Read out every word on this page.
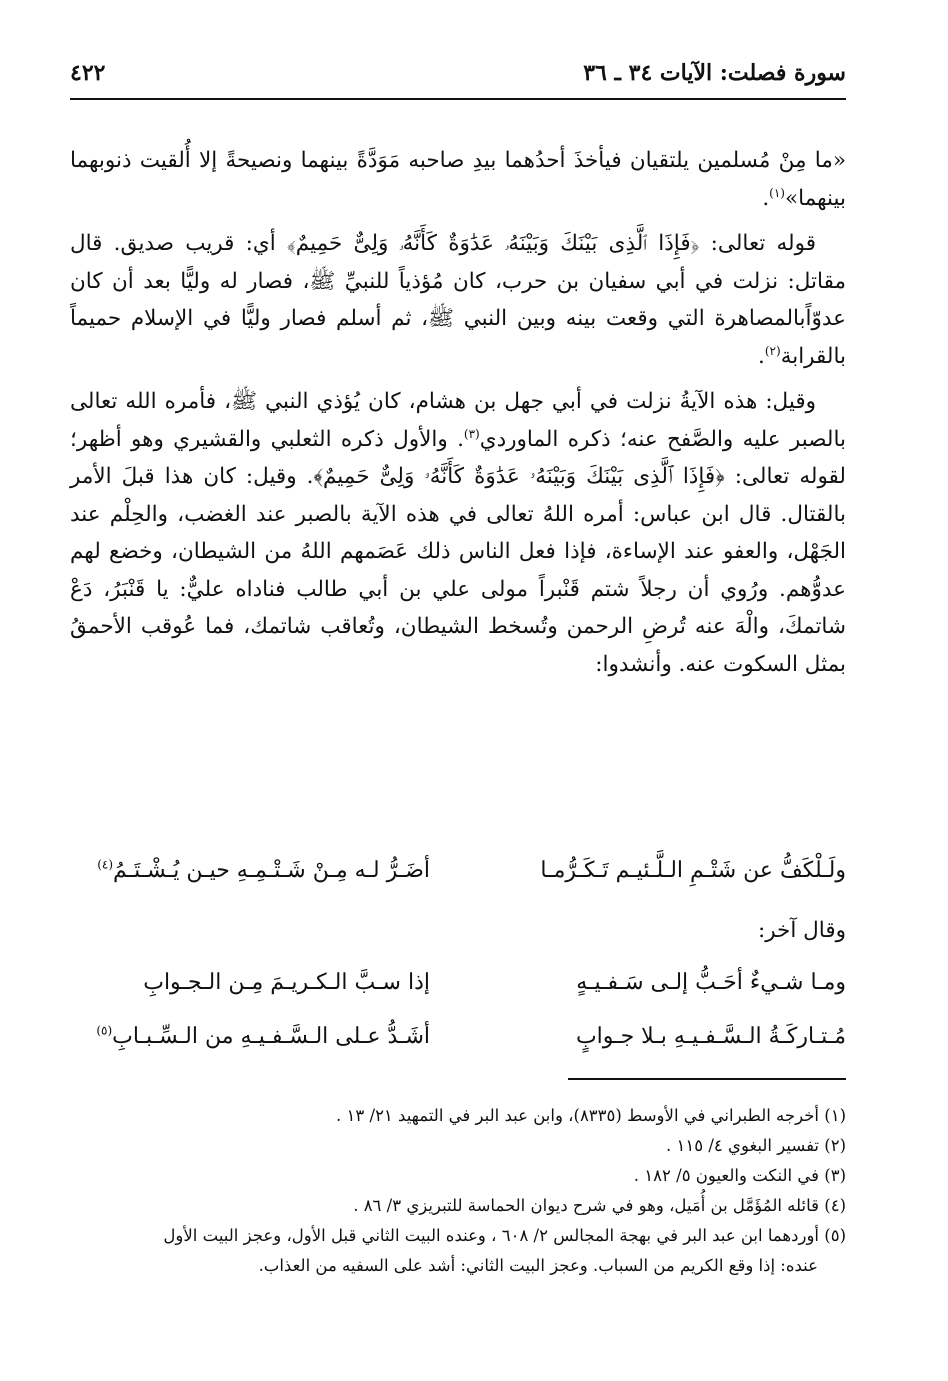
سورة فصلت: الآيات ٣٤ ـ ٣٦
٤٢٢

«ما مِنْ مُسلمين يلتقيان فيأخذَ أحدُهما بيدِ صاحبه مَوَدَّةً بينهما ونصيحةً إلا أُلقيت ذنوبهما بينهما»$^{(١)}$.

قوله تعالى: ﴿فَإِذَا ٱلَّذِى بَيْنَكَ وَبَيْنَهُۥ عَدَٰوَةٌ كَأَنَّهُۥ وَلِىٌّ حَمِيمٌ﴾ أي: قريب صديق. قال مقاتل: نزلت في أبي سفيان بن حرب، كان مُؤذياً للنبيِّ ﷺ، فصار له وليًّا بعد أن كان عدوّاًبالمصاهرة التي وقعت بينه وبين النبي ﷺ، ثم أسلم فصار وليًّا في الإسلام حميماً بالقرابة$^{(٢)}$.

وقيل: هذه الآيةُ نزلت في أبي جهل بن هشام، كان يُؤذي النبي ﷺ، فأمره الله تعالى بالصبر عليه والصَّفح عنه؛ ذكره الماوردي$^{(٣)}$. والأول ذكره الثعلبي والقشيري وهو أظهر؛ لقوله تعالى: ﴿فَإِذَا ٱلَّذِى بَيْنَكَ وَبَيْنَهُۥ عَدَٰوَةٌ كَأَنَّهُۥ وَلِىٌّ حَمِيمٌ﴾. وقيل: كان هذا قبلَ الأمر بالقتال. قال ابن عباس: أمره اللهُ تعالى في هذه الآية بالصبر عند الغضب، والحِلْم عند الجَهْل، والعفو عند الإساءة، فإذا فعل الناس ذلك عَصَمهم اللهُ من الشيطان، وخضع لهم عدوُّهم. ورُوي أن رجلاً شتم قَنْبراً مولى علي بن أبي طالب فناداه عليٌّ: يا قَنْبَرُ، دَعْ شاتمكَ، والْهَ عنه تُرضِ الرحمن وتُسخط الشيطان، وتُعاقب شاتمك، فما عُوقب الأحمقُ بمثل السكوت عنه. وأنشدوا:

ولَـلْكَفُّ عن شَتْـمِ الـلَّـئيـم تَـكَـرُّمـا
أضَـرُّ لـه مِـنْ شَـتْـمِـهِ حيـن يُـشْـتَـمُ$^{(٤)}$
وقال آخر:
ومـا شـيءٌ أحَـبُّ إلـى سَـفـيـهٍ
إذا سـبَّ الـكـريـمَ مِـن الـجـوابِ
مُـتـاركَـةُ الـسَّـفـيـهِ بـلا جـوابٍ
أشَـدُّ عـلى الـسَّـفـيـهِ من الـسِّـبـابِ$^{(٥)}$

(١) أخرجه الطبراني في الأوسط (٨٣٣٥)، وابن عبد البر في التمهيد ٢١/ ١٣ .

(٢) تفسير البغوي ٤/ ١١٥ .

(٣) في النكت والعيون ٥/ ١٨٢ .

(٤) قائله المُؤَمَّل بن أُمَيل، وهو في شرح ديوان الحماسة للتبريزي ٣/ ٨٦ .

(٥) أوردهما ابن عبد البر في بهجة المجالس ٢/ ٦٠٨ ، وعنده البيت الثاني قبل الأول، وعجز البيت الأول

عنده: إذا وقع الكريم من السباب. وعجز البيت الثاني: أشد على السفيه من العذاب.
